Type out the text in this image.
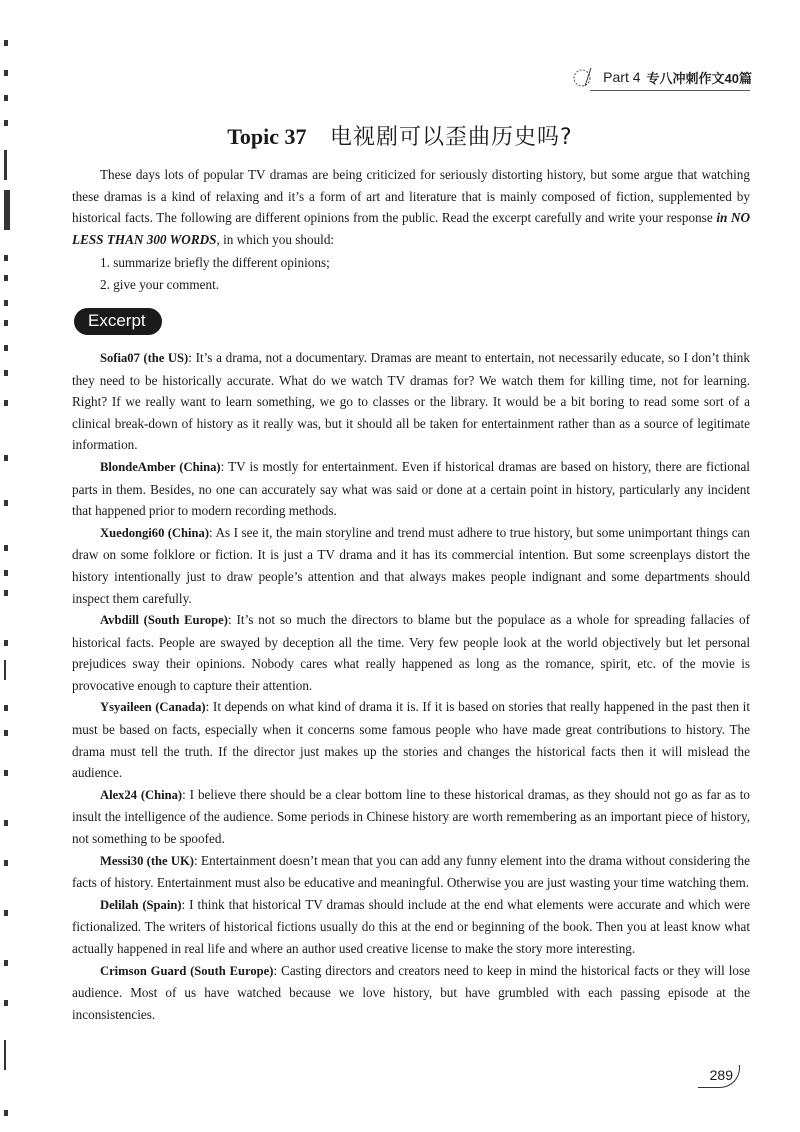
Part 4 专八冲刺作文40篇
Topic 37 电视剧可以歪曲历史吗?

These days lots of popular TV dramas are being criticized for seriously distorting history, but some argue that watching these dramas is a kind of relaxing and it’s a form of art and literature that is mainly composed of fiction, supplemented by historical facts. The following are different opinions from the public. Read the excerpt carefully and write your response in NO LESS THAN 300 WORDS, in which you should:

1. summarize briefly the different opinions;
2. give your comment.
Excerpt

Sofia07 (the US): It’s a drama, not a documentary. Dramas are meant to entertain, not necessarily educate, so I don’t think they need to be historically accurate. What do we watch TV dramas for? We watch them for killing time, not for learning. Right? If we really want to learn something, we go to classes or the library. It would be a bit boring to read some sort of a clinical break-down of history as it really was, but it should all be taken for entertainment rather than as a source of legitimate information.

BlondeAmber (China): TV is mostly for entertainment. Even if historical dramas are based on history, there are fictional parts in them. Besides, no one can accurately say what was said or done at a certain point in history, particularly any incident that happened prior to modern recording methods.

Xuedongi60 (China): As I see it, the main storyline and trend must adhere to true history, but some unimportant things can draw on some folklore or fiction. It is just a TV drama and it has its commercial intention. But some screenplays distort the history intentionally just to draw people’s attention and that always makes people indignant and some departments should inspect them carefully.

Avbdill (South Europe): It’s not so much the directors to blame but the populace as a whole for spreading fallacies of historical facts. People are swayed by deception all the time. Very few people look at the world objectively but let personal prejudices sway their opinions. Nobody cares what really happened as long as the romance, spirit, etc. of the movie is provocative enough to capture their attention.

Ysyaileen (Canada): It depends on what kind of drama it is. If it is based on stories that really happened in the past then it must be based on facts, especially when it concerns some famous people who have made great contributions to history. The drama must tell the truth. If the director just makes up the stories and changes the historical facts then it will mislead the audience.

Alex24 (China): I believe there should be a clear bottom line to these historical dramas, as they should not go as far as to insult the intelligence of the audience. Some periods in Chinese history are worth remembering as an important piece of history, not something to be spoofed.

Messi30 (the UK): Entertainment doesn’t mean that you can add any funny element into the drama without considering the facts of history. Entertainment must also be educative and meaningful. Otherwise you are just wasting your time watching them.

Delilah (Spain): I think that historical TV dramas should include at the end what elements were accurate and which were fictionalized. The writers of historical fictions usually do this at the end or beginning of the book. Then you at least know what actually happened in real life and where an author used creative license to make the story more interesting.

Crimson Guard (South Europe): Casting directors and creators need to keep in mind the historical facts or they will lose audience. Most of us have watched because we love history, but have grumbled with each passing episode at the inconsistencies.

289
